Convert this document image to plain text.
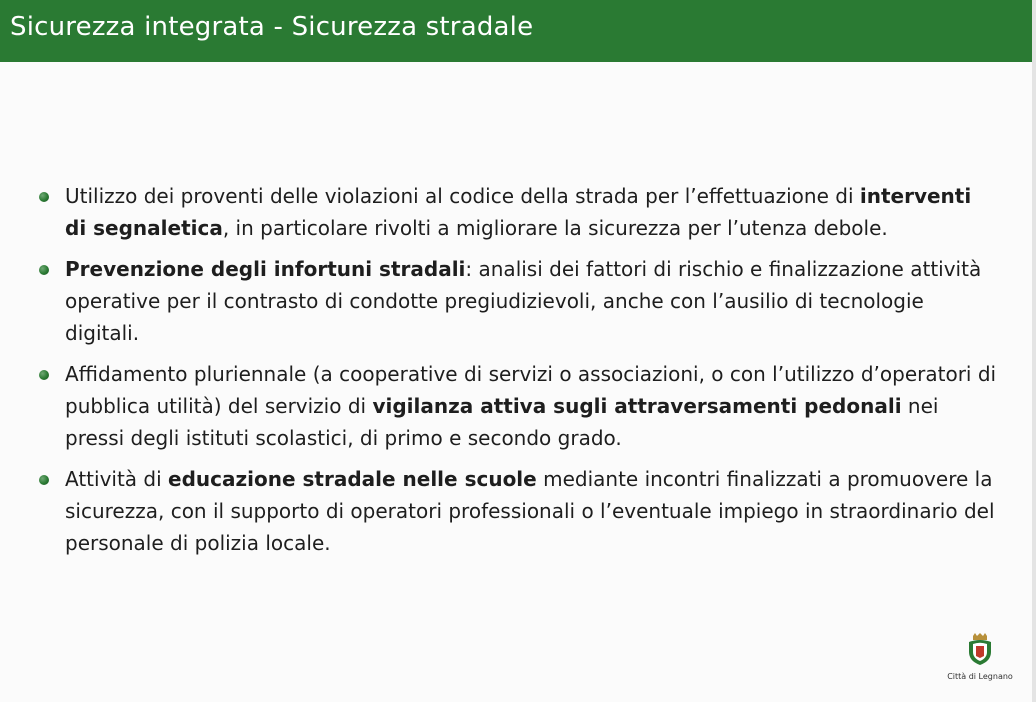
Sicurezza integrata - Sicurezza stradale
Utilizzo dei proventi delle violazioni al codice della strada per l’effettuazione di interventi di segnaletica, in particolare rivolti a migliorare la sicurezza per l’utenza debole.
Prevenzione degli infortuni stradali: analisi dei fattori di rischio e finalizzazione attività operative per il contrasto di condotte pregiudizievoli, anche con l’ausilio di tecnologie digitali.
Affidamento pluriennale (a cooperative di servizi o associazioni, o con l’utilizzo d’operatori di pubblica utilità) del servizio di vigilanza attiva sugli attraversamenti pedonali nei pressi degli istituti scolastici, di primo e secondo grado.
Attività di educazione stradale nelle scuole mediante incontri finalizzati a promuovere la sicurezza, con il supporto di operatori professionali o l’eventuale impiego in straordinario del personale di polizia locale.
Città di Legnano
